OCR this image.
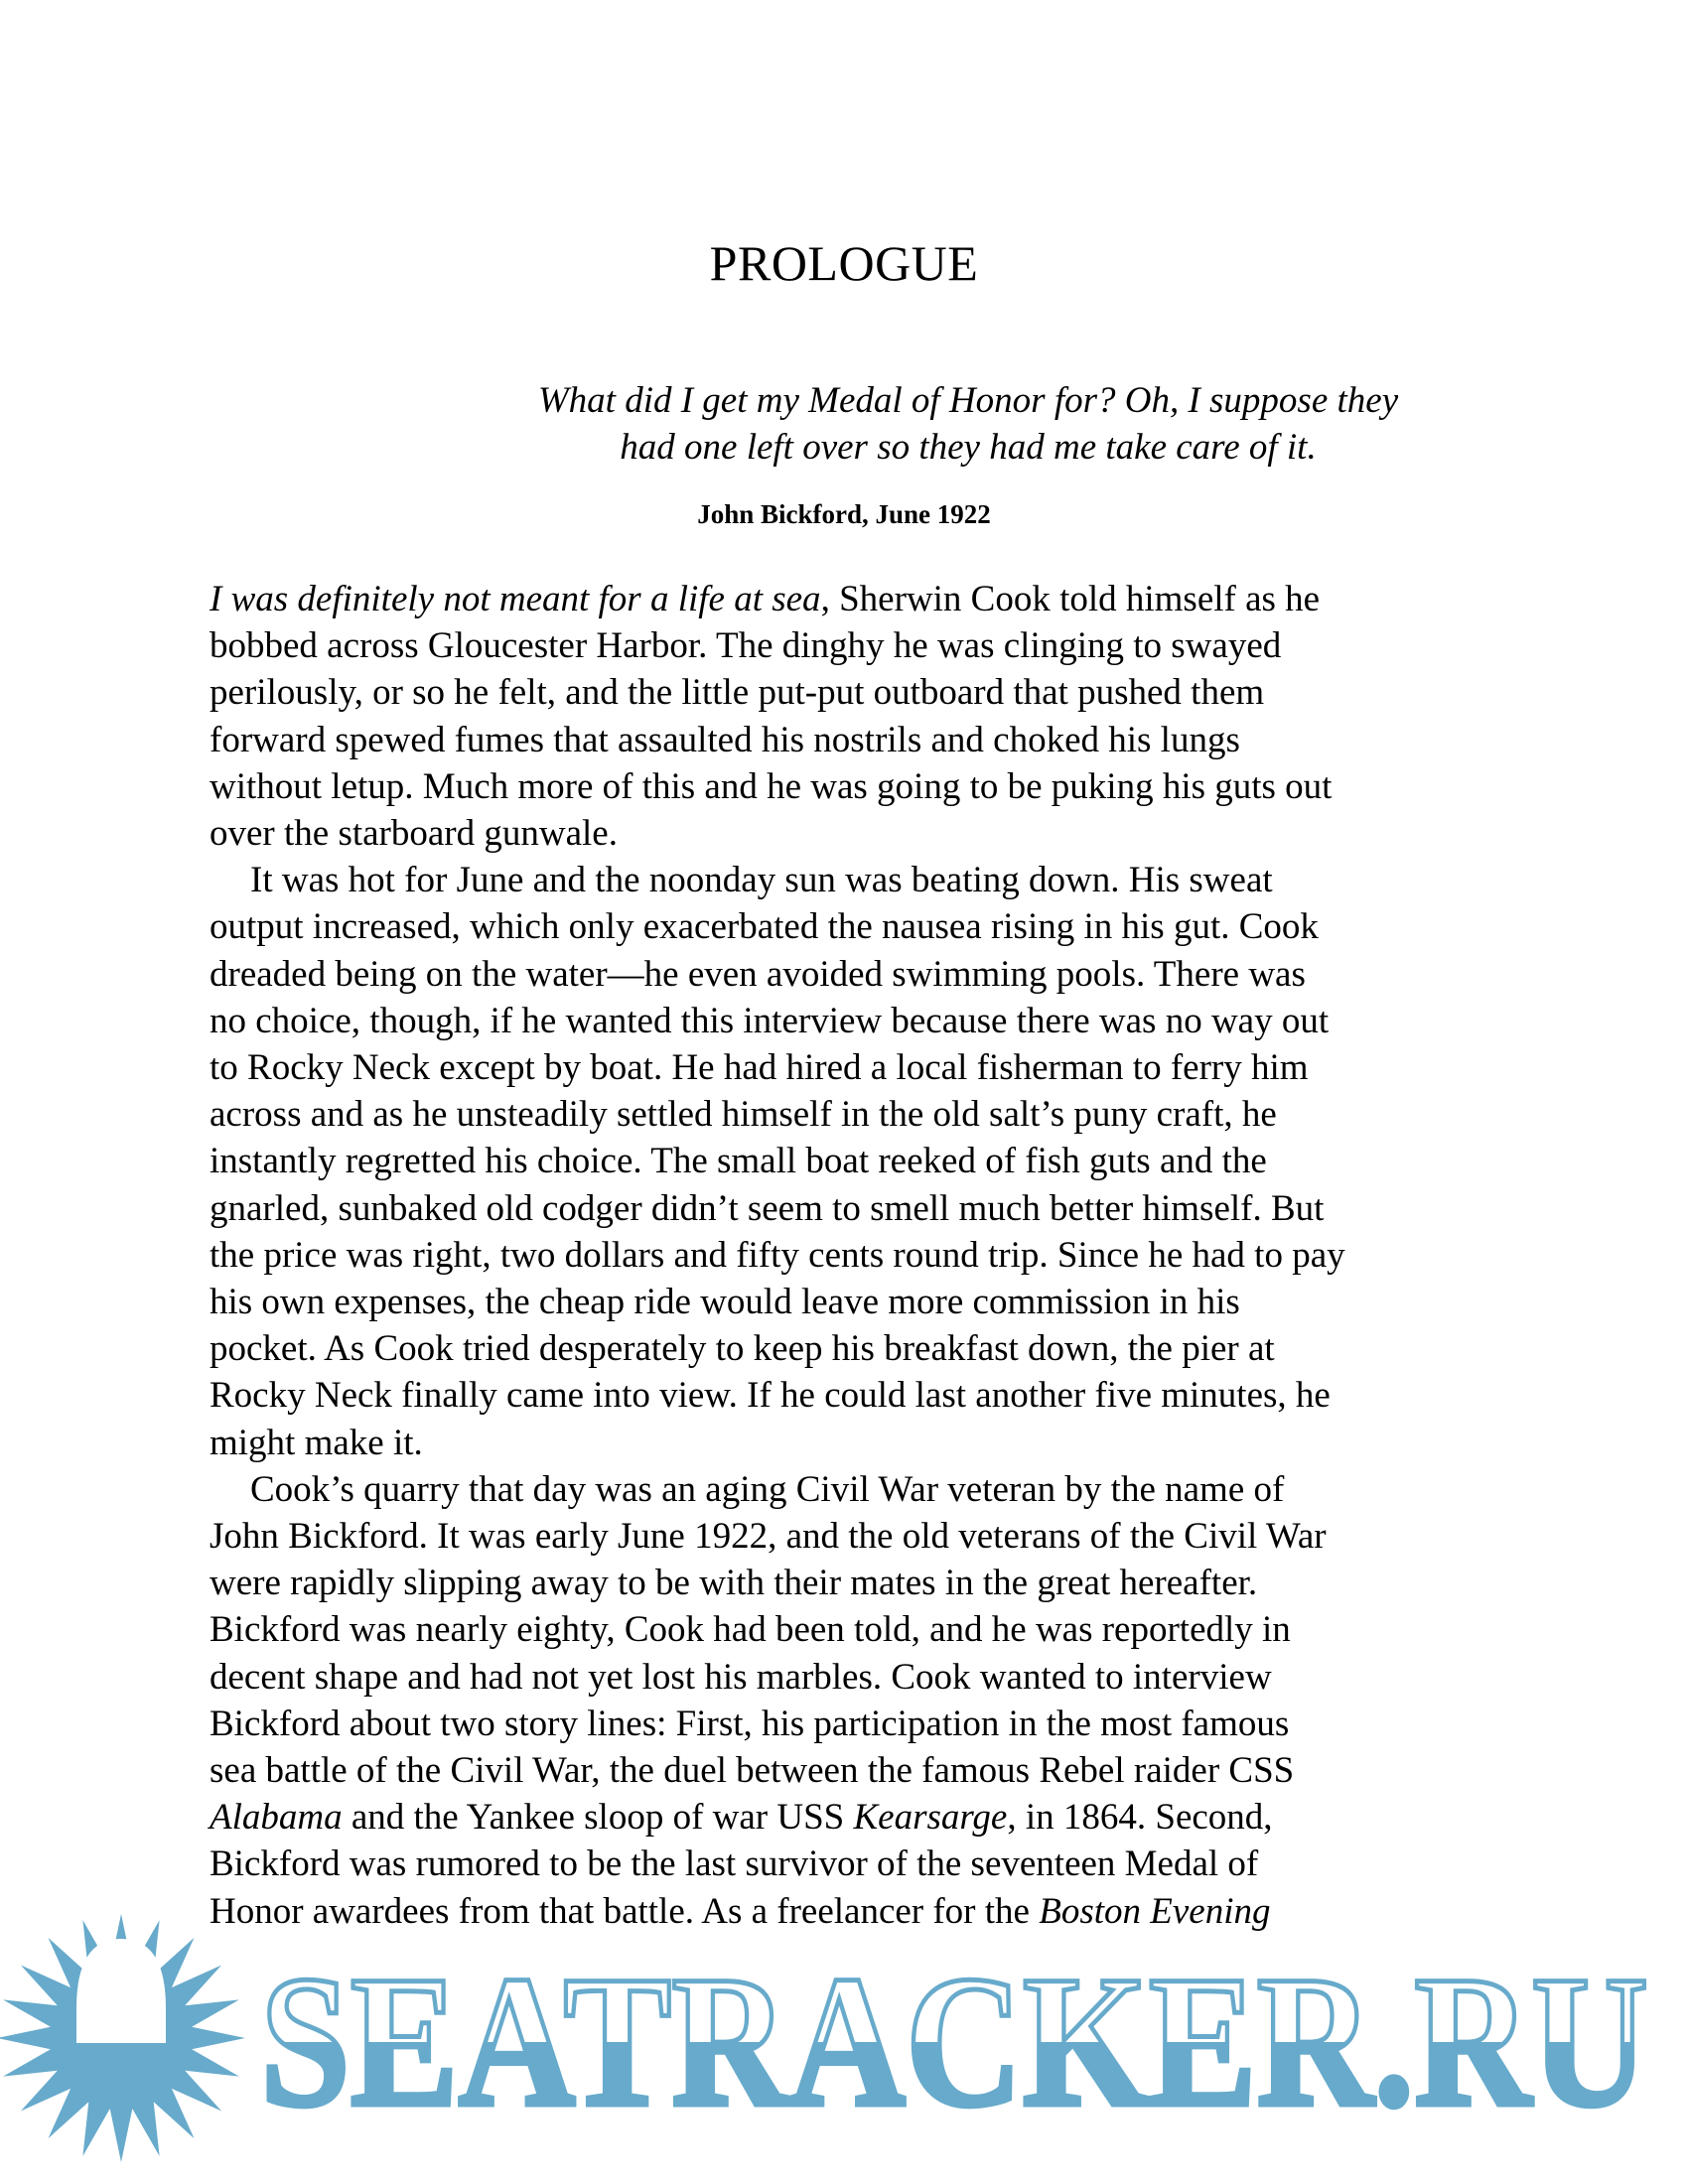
PROLOGUE
What did I get my Medal of Honor for? Oh, I suppose they
had one left over so they had me take care of it.
John Bickford, June 1922
I was definitely not meant for a life at sea, Sherwin Cook told himself as he
bobbed across Gloucester Harbor. The dinghy he was clinging to swayed
perilously, or so he felt, and the little put-put outboard that pushed them
forward spewed fumes that assaulted his nostrils and choked his lungs
without letup. Much more of this and he was going to be puking his guts out
over the starboard gunwale.
It was hot for June and the noonday sun was beating down. His sweat
output increased, which only exacerbated the nausea rising in his gut. Cook
dreaded being on the water—he even avoided swimming pools. There was
no choice, though, if he wanted this interview because there was no way out
to Rocky Neck except by boat. He had hired a local fisherman to ferry him
across and as he unsteadily settled himself in the old salt’s puny craft, he
instantly regretted his choice. The small boat reeked of fish guts and the
gnarled, sunbaked old codger didn’t seem to smell much better himself. But
the price was right, two dollars and fifty cents round trip. Since he had to pay
his own expenses, the cheap ride would leave more commission in his
pocket. As Cook tried desperately to keep his breakfast down, the pier at
Rocky Neck finally came into view. If he could last another five minutes, he
might make it.
Cook’s quarry that day was an aging Civil War veteran by the name of
John Bickford. It was early June 1922, and the old veterans of the Civil War
were rapidly slipping away to be with their mates in the great hereafter.
Bickford was nearly eighty, Cook had been told, and he was reportedly in
decent shape and had not yet lost his marbles. Cook wanted to interview
Bickford about two story lines: First, his participation in the most famous
sea battle of the Civil War, the duel between the famous Rebel raider CSS
Alabama and the Yankee sloop of war USS Kearsarge, in 1864. Second,
Bickford was rumored to be the last survivor of the seventeen Medal of
Honor awardees from that battle. As a freelancer for the Boston Evening
SEATRACKER.RU
